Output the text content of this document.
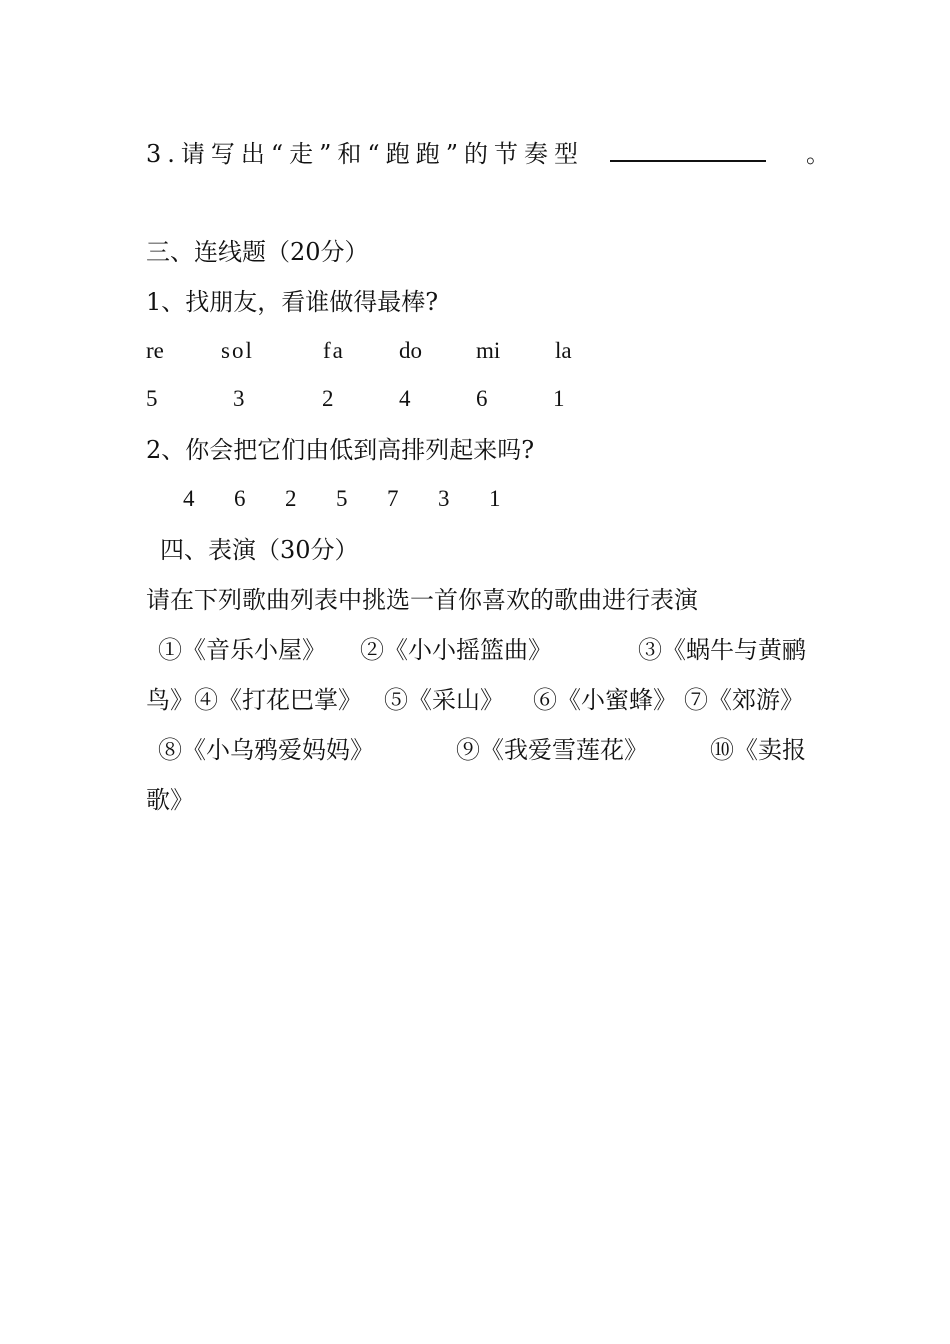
3.请写出“走”和“跑跑”的节奏型	。
三、连线题（20分）
1、找朋友，看谁做得最棒?
re sol	fa do mi la
5	3	2	4	6	1
2、你会把它们由低到高排列起来吗?
4 6 2 5 7 3 1
四、表演（30分）
请在下列歌曲列表中挑选一首你喜欢的歌曲进行表演
①《音乐小屋》 ②《小小摇篮曲》	③《蜗牛与黄鹂
鸟》 ④《打花巴掌》 ⑤《采山》 ⑥《小蜜蜂》 ⑦《郊游》
⑧《小乌鸦爱妈妈》	⑨《我爱雪莲花》	⑩《卖报
歌》
